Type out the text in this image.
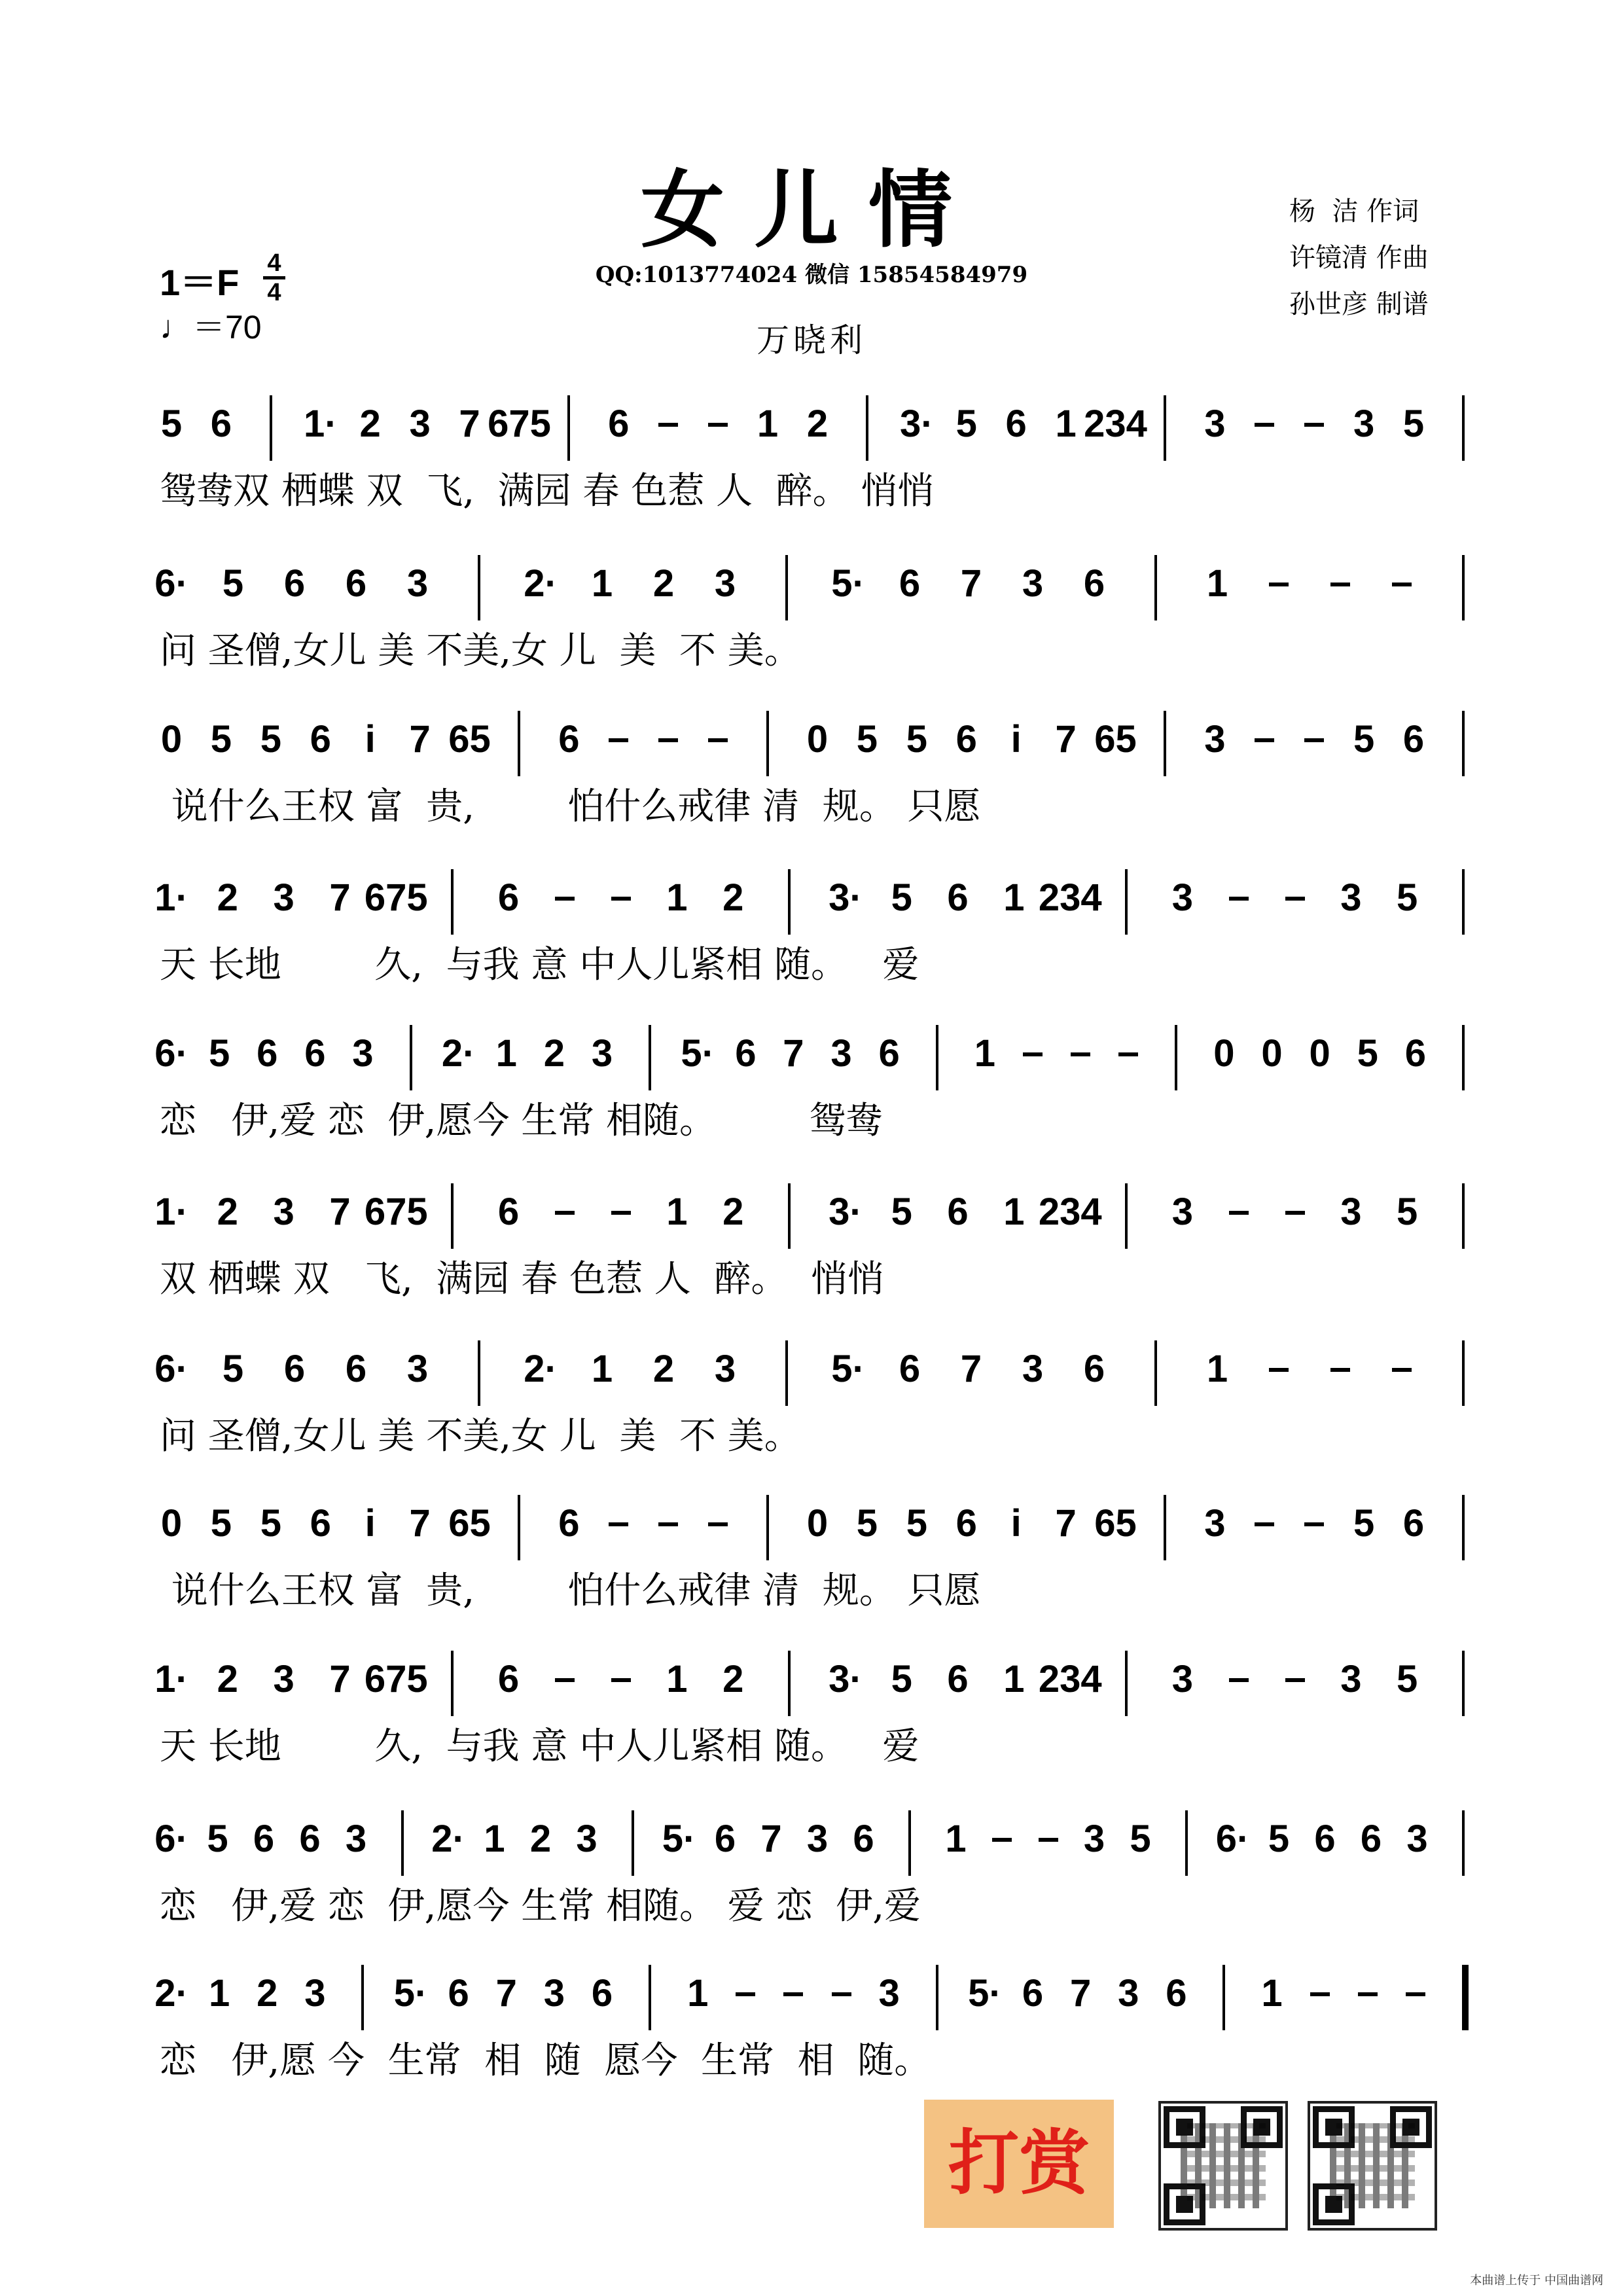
女儿情
QQ:1013774024 微信 15854584979
万晓利
杨  洁 作词
许镜清 作曲
孙世彦 制谱
1＝F 4
4
♩＝70
5 6 1· 2 3 7 675 6	1 2 3· 5 6 1 234 3	3 5
鸳鸯双 栖蝶 双  飞,  满园 春 色惹 人  醉。 悄悄
6· 5 6 6 3	2· 1 2 3	5· 6 7 3 6	1
问 圣僧,女儿 美 不美,女 儿  美  不 美。
0 5 5 6 i 7 65 6	0 5 5 6 i 7 65 3	5 6
说什么王权 富  贵,        怕什么戒律 清  规。 只愿
1· 2 3 7 675 6	1 2 3· 5 6 1 234 3	3 5
天 长地        久,  与我 意 中人儿紧相 随。   爱
6· 5 6 6 3 2· 1 2 3 5· 6 7 3 6 1	0 0 0 5 6
恋   伊,爱 恋  伊,愿今 生常 相随。        鸳鸯
1· 2 3 7 675 6	1 2 3· 5 6 1 234 3	3 5
双 栖蝶 双   飞,  满园 春 色惹 人  醉。  悄悄
6· 5 6 6 3	2· 1 2 3	5· 6 7 3 6	1
问 圣僧,女儿 美 不美,女 儿  美  不 美。
0 5 5 6 i 7 65 6	0 5 5 6 i 7 65 3	5 6
说什么王权 富  贵,        怕什么戒律 清  规。 只愿
1· 2 3 7 675 6	1 2 3· 5 6 1 234 3	3 5
天 长地        久,  与我 意 中人儿紧相 随。   爱
6· 5 6 6 3 2· 1 2 3 5· 6 7 3 6 1	3 5 6· 5 6 6 3
恋   伊,爱 恋  伊,愿今 生常 相随。 爱 恋  伊,爱
2· 1 2 3 5· 6 7 3 6 1	3 5· 6 7 3 6 1
恋   伊,愿 今  生常  相  随  愿今  生常  相  随。
打赏
本曲谱上传于 中国曲谱网
